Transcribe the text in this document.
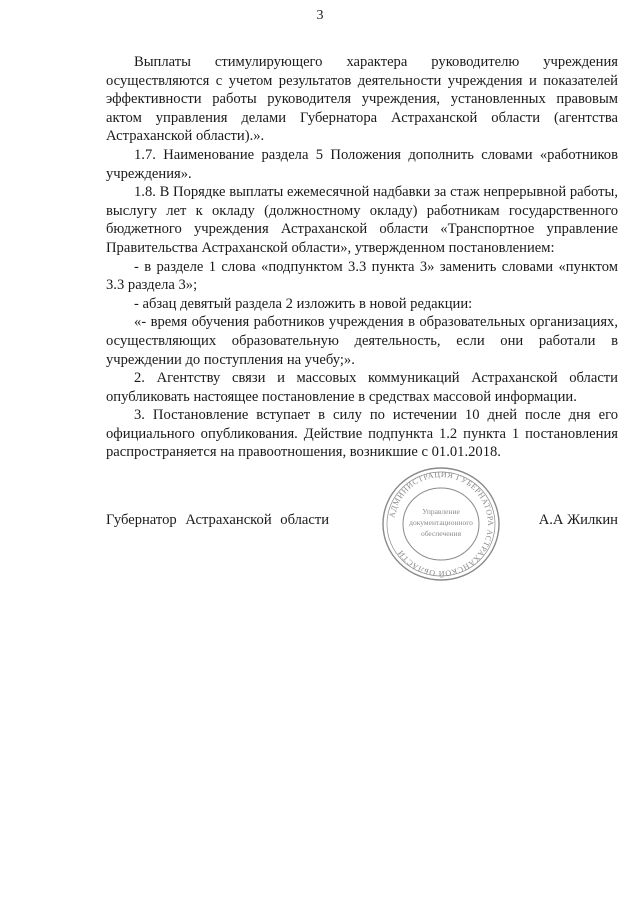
3

Выплаты стимулирующего характера руководителю учреждения осуществляются с учетом результатов деятельности учреждения и показателей эффективности работы руководителя учреждения, установленных правовым актом управления делами Губернатора Астраханской области (агентства Астраханской области).».

1.7. Наименование раздела 5 Положения дополнить словами «работников учреждения».

1.8. В Порядке выплаты ежемесячной надбавки за стаж непрерывной работы, выслугу лет к окладу (должностному окладу) работникам государственного бюджетного учреждения Астраханской области «Транспортное управление Правительства Астраханской области», утвержденном постановлением:

- в разделе 1 слова «подпунктом 3.3 пункта 3» заменить словами «пунктом 3.3 раздела 3»;

- абзац девятый раздела 2 изложить в новой редакции:

«- время обучения работников учреждения в образовательных организациях, осуществляющих образовательную деятельность, если они работали в учреждении до поступления на учебу;».

2. Агентству связи и массовых коммуникаций Астраханской области опубликовать настоящее постановление в средствах массовой информации.

3. Постановление вступает в силу по истечении 10 дней после дня его официального опубликования. Действие подпункта 1.2 пункта 1 постановления распространяется на правоотношения, возникшие с 01.01.2018.

Губернатор Астраханской области	А.А Жилкин
АДМИНИСТРАЦИЯ ГУБЕРНАТОРА АСТРАХАНСКОЙ ОБЛАСТИ
Управление
документационного
обеспечения
